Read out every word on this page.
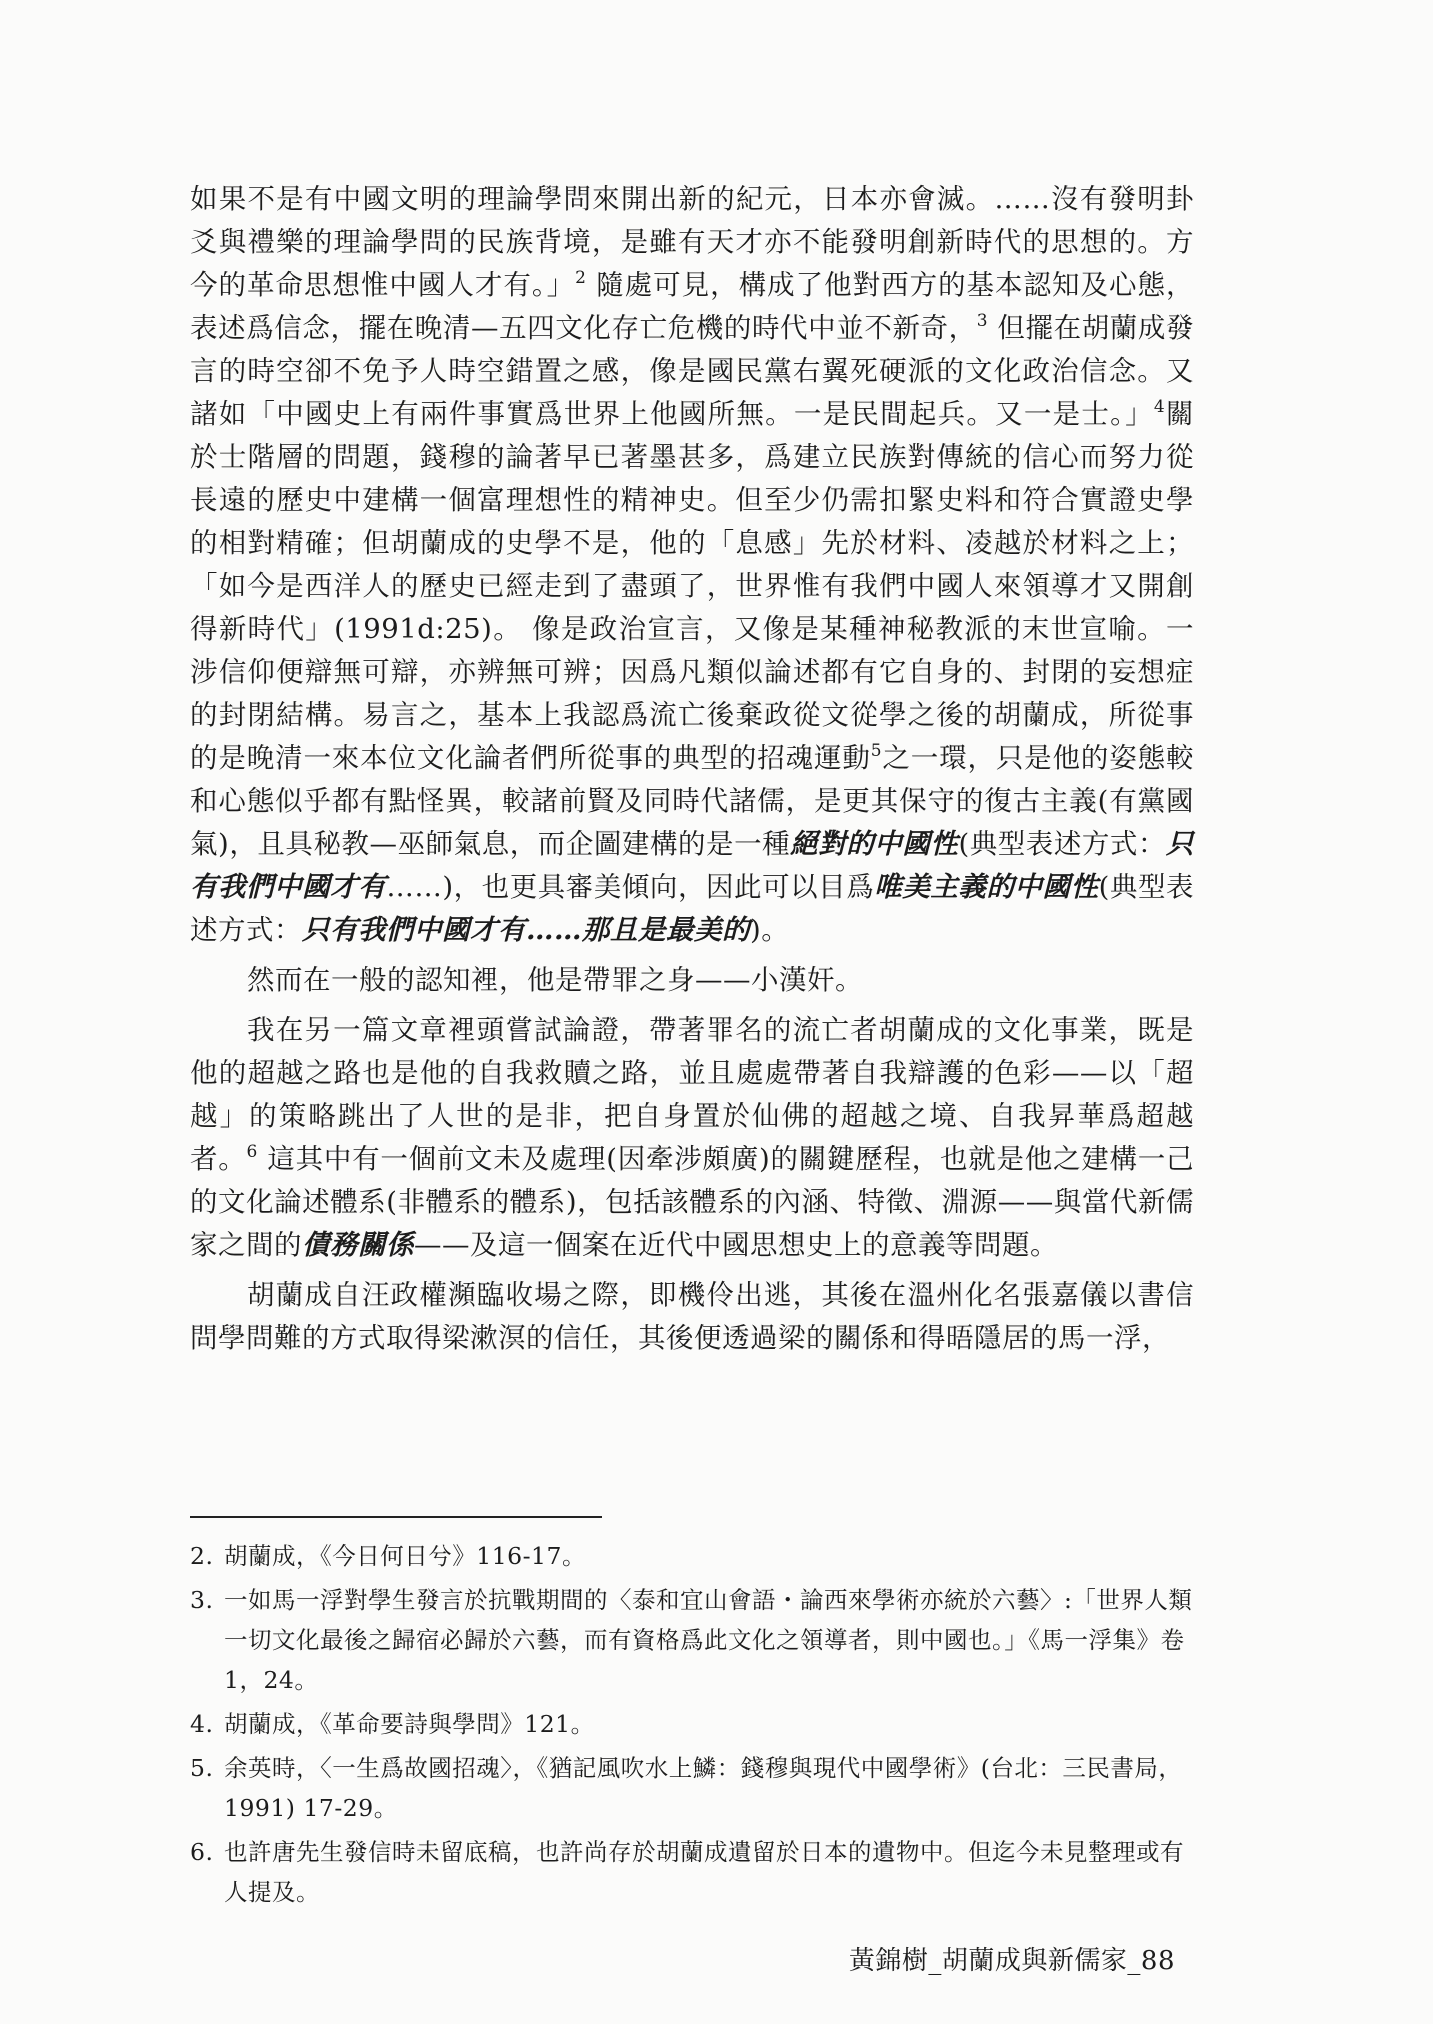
如果不是有中國文明的理論學問來開出新的紀元，日本亦會滅。……沒有發明卦爻與禮樂的理論學問的民族背境，是雖有天才亦不能發明創新時代的思想的。方今的革命思想惟中國人才有。」$^2$ 隨處可見，構成了他對西方的基本認知及心態，表述爲信念，擺在晚清—五四文化存亡危機的時代中並不新奇，$^3$ 但擺在胡蘭成發言的時空卻不免予人時空錯置之感，像是國民黨右翼死硬派的文化政治信念。又諸如「中國史上有兩件事實爲世界上他國所無。一是民間起兵。又一是士。」$^4$關於士階層的問題，錢穆的論著早已著墨甚多，爲建立民族對傳統的信心而努力從長遠的歷史中建構一個富理想性的精神史。但至少仍需扣緊史料和符合實證史學的相對精確；但胡蘭成的史學不是，他的「息感」先於材料、凌越於材料之上；「如今是西洋人的歷史已經走到了盡頭了，世界惟有我們中國人來領導才又開創得新時代」(1991d:25)。 像是政治宣言，又像是某種神秘教派的末世宣喻。一涉信仰便辯無可辯，亦辨無可辨；因爲凡類似論述都有它自身的、封閉的妄想症的封閉結構。易言之，基本上我認爲流亡後棄政從文從學之後的胡蘭成，所從事的是晚清一來本位文化論者們所從事的典型的招魂運動$^5$之一環，只是他的姿態較和心態似乎都有點怪異，較諸前賢及同時代諸儒，是更其保守的復古主義(有黨國氣)，且具秘教—巫師氣息，而企圖建構的是一種絕對的中國性(典型表述方式：只有我們中國才有……)，也更具審美傾向，因此可以目爲唯美主義的中國性(典型表述方式：只有我們中國才有……那且是最美的)。

然而在一般的認知裡，他是帶罪之身——小漢奸。

我在另一篇文章裡頭嘗試論證，帶著罪名的流亡者胡蘭成的文化事業，既是他的超越之路也是他的自我救贖之路，並且處處帶著自我辯護的色彩——以「超越」的策略跳出了人世的是非，把自身置於仙佛的超越之境、自我昇華爲超越者。$^6$ 這其中有一個前文未及處理(因牽涉頗廣)的關鍵歷程，也就是他之建構一己的文化論述體系(非體系的體系)，包括該體系的內涵、特徵、淵源——與當代新儒家之間的債務關係——及這一個案在近代中國思想史上的意義等問題。

胡蘭成自汪政權瀕臨收場之際，即機伶出逃，其後在溫州化名張嘉儀以書信問學問難的方式取得梁漱溟的信任，其後便透過梁的關係和得晤隱居的馬一浮，

2. 胡蘭成，《今日何日兮》116-17。
3. 一如馬一浮對學生發言於抗戰期間的〈泰和宜山會語・論西來學術亦統於六藝〉:「世界人類一切文化最後之歸宿必歸於六藝，而有資格爲此文化之領導者，則中國也。」《馬一浮集》卷 1，24。
4. 胡蘭成，《革命要詩與學問》121。
5. 余英時，〈一生爲故國招魂〉，《猶記風吹水上鱗：錢穆與現代中國學術》(台北：三民書局，1991) 17-29。
6. 也許唐先生發信時未留底稿，也許尚存於胡蘭成遺留於日本的遺物中。但迄今未見整理或有人提及。
黃錦樹_胡蘭成與新儒家_88
